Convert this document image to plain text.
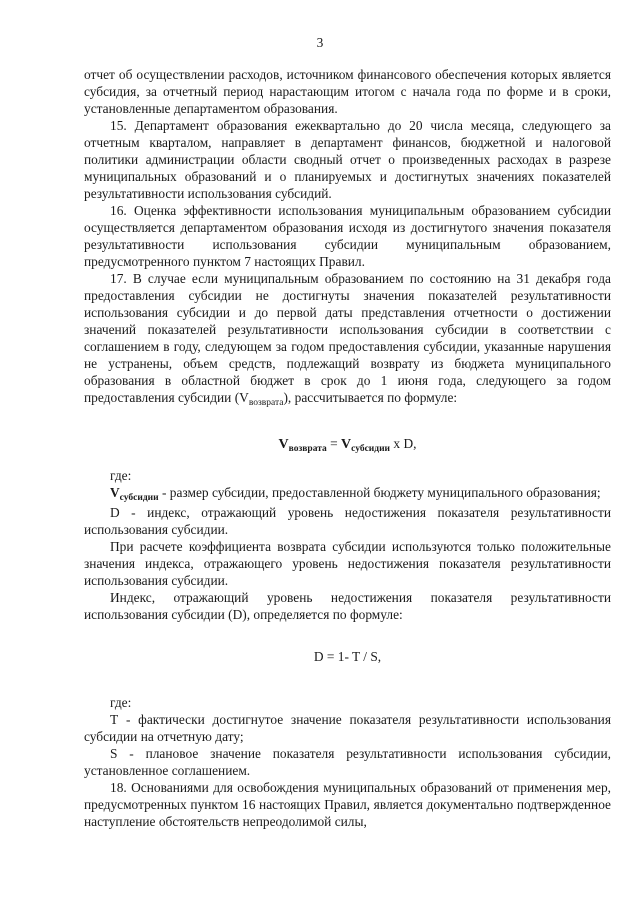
3

отчет об осуществлении расходов, источником финансового обеспечения которых является субсидия, за отчетный период нарастающим итогом с начала года по форме и в сроки, установленные департаментом образования.

15. Департамент образования ежеквартально до 20 числа месяца, следующего за отчетным кварталом, направляет в департамент финансов, бюджетной и налоговой политики администрации области сводный отчет о произведенных расходах в разрезе муниципальных образований и о планируемых и достигнутых значениях показателей результативности использования субсидий.

16. Оценка эффективности использования муниципальным образованием субсидии осуществляется департаментом образования исходя из достигнутого значения показателя результативности использования субсидии муниципальным образованием, предусмотренного пунктом 7 настоящих Правил.

17. В случае если муниципальным образованием по состоянию на 31 декабря года предоставления субсидии не достигнуты значения показателей результативности использования субсидии и до первой даты представления отчетности о достижении значений показателей результативности использования субсидии в соответствии с соглашением в году, следующем за годом предоставления субсидии, указанные нарушения не устранены, объем средств, подлежащий возврату из бюджета муниципального образования в областной бюджет в срок до 1 июня года, следующего за годом предоставления субсидии $(V_{возврата})$, рассчитывается по формуле:

$V_{возврата} = V_{субсидии}$ x D,

где:

$V_{субсидии}$ - размер субсидии, предоставленной бюджету муниципального образования;

D - индекс, отражающий уровень недостижения показателя результативности использования субсидии.

При расчете коэффициента возврата субсидии используются только положительные значения индекса, отражающего уровень недостижения показателя результативности использования субсидии.

Индекс, отражающий уровень недостижения показателя результативности использования субсидии (D), определяется по формуле:

D = 1- T / S,

где:

Т - фактически достигнутое значение показателя результативности использования субсидии на отчетную дату;

S - плановое значение показателя результативности использования субсидии, установленное соглашением.

18. Основаниями для освобождения муниципальных образований от применения мер, предусмотренных пунктом 16 настоящих Правил, является документально подтвержденное наступление обстоятельств непреодолимой силы,
